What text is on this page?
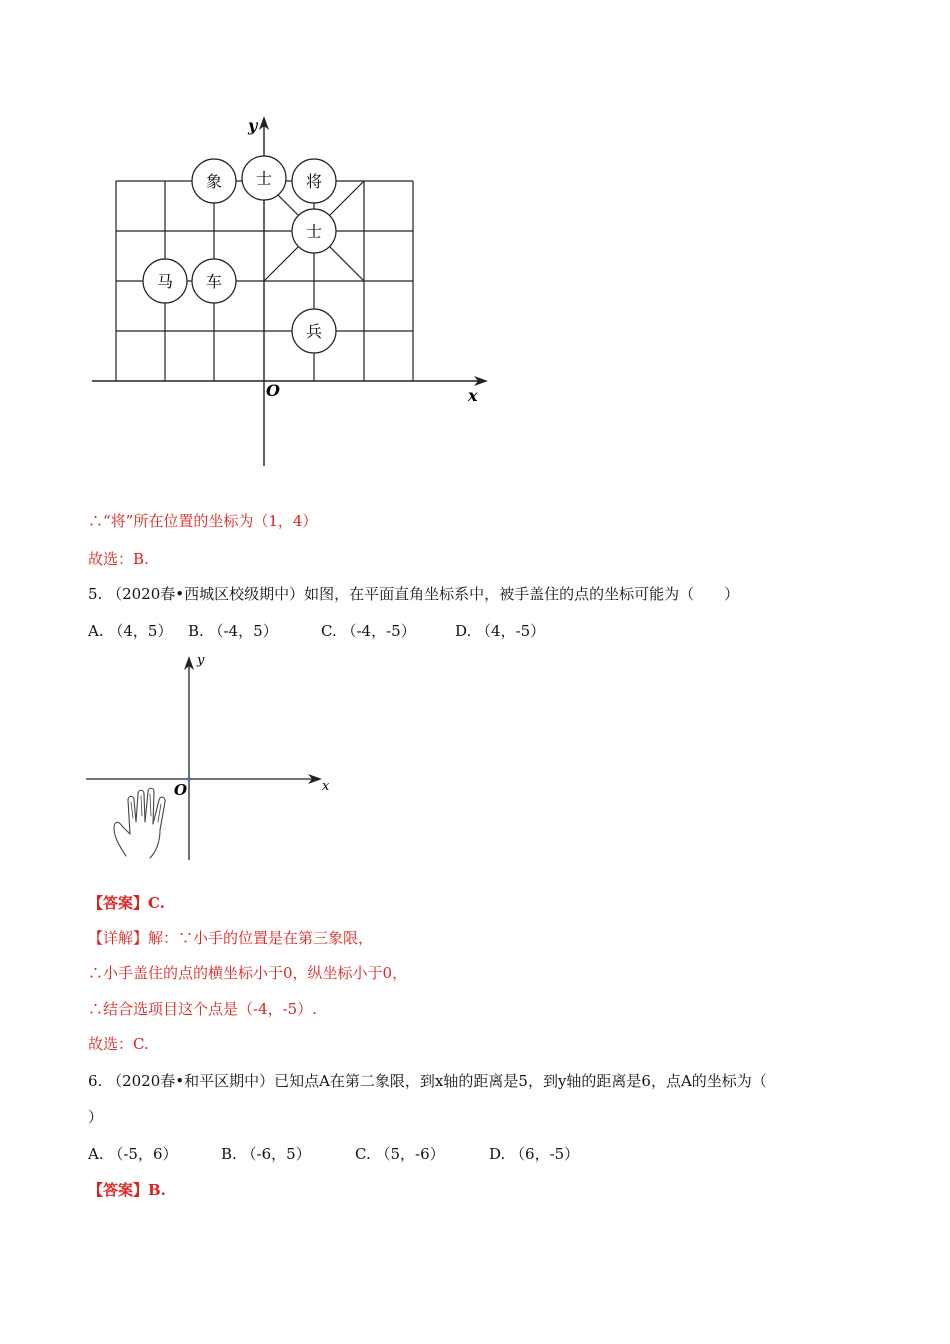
y
x
O
象 士 将
士
马 车
兵
∴“将”所在位置的坐标为（1，4）
故选：B.
5. （2020春•西城区校级期中）如图，在平面直角坐标系中，被手盖住的点的坐标可能为（　　）
A. （4，5） B. （-4，5）	C. （-4，-5）	D. （4，-5）
y
x
O
【答案】C.
【详解】解：∵小手的位置是在第三象限，
∴小手盖住的点的横坐标小于0，纵坐标小于0，
∴结合选项目这个点是（-4，-5）.
故选：C.
6. （2020春•和平区期中）已知点A在第二象限，到x轴的距离是5，到y轴的距离是6，点A的坐标为（
）
A. （-5，6）	B. （-6，5）	C. （5，-6）	D. （6，-5）
【答案】B.
